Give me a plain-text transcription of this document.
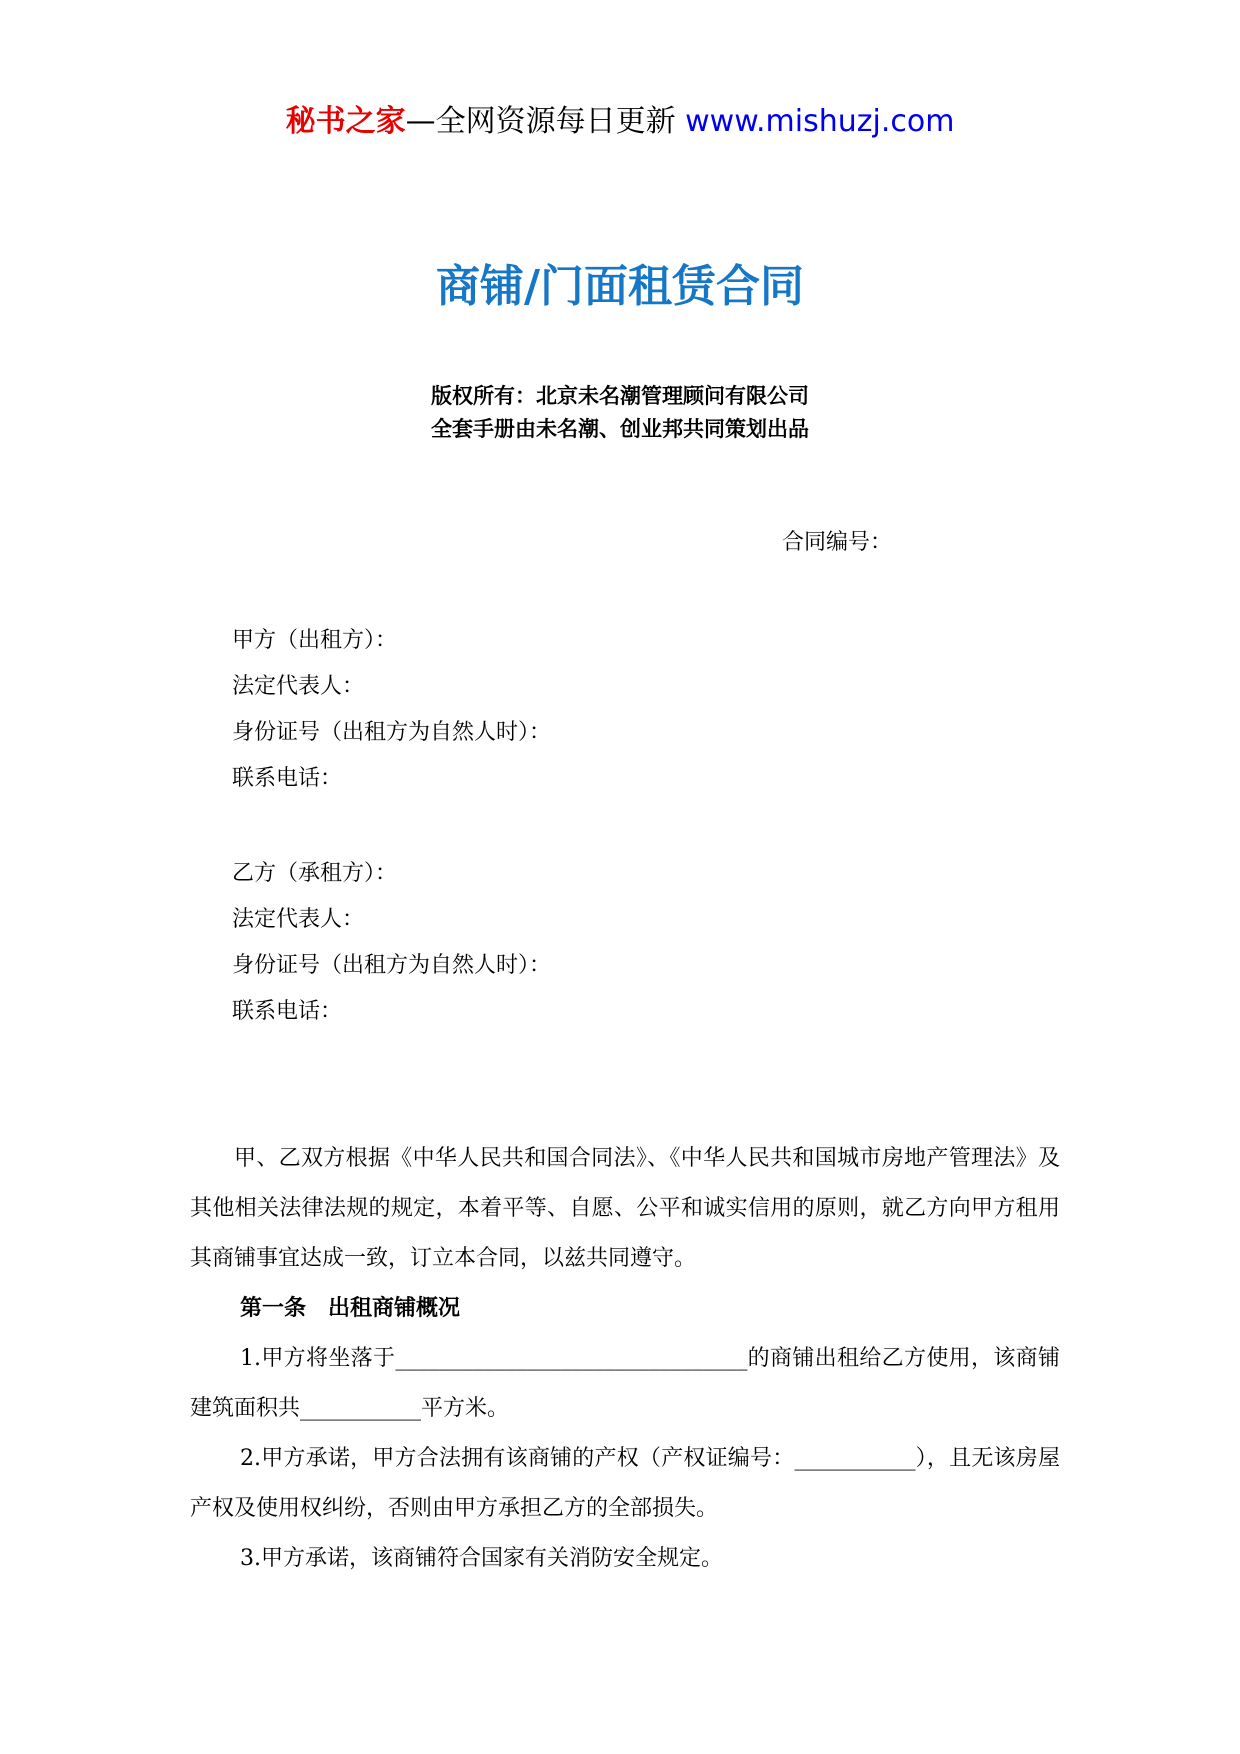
秘书之家—全网资源每日更新 www.mishuzj.com
商铺/门面租赁合同
版权所有：北京未名潮管理顾问有限公司
全套手册由未名潮、创业邦共同策划出品
合同编号：
甲方（出租方）：
法定代表人：
身份证号（出租方为自然人时）：
联系电话：
乙方（承租方）：
法定代表人：
身份证号（出租方为自然人时）：
联系电话：

甲、乙双方根据《中华人民共和国合同法》、《中华人民共和国城市房地产管理法》及其他相关法律法规的规定，本着平等、自愿、公平和诚实信用的原则，就乙方向甲方租用其商铺事宜达成一致，订立本合同，以兹共同遵守。

第一条　出租商铺概况

1.甲方将坐落于________________________________的商铺出租给乙方使用，该商铺建筑面积共___________平方米。

2.甲方承诺，甲方合法拥有该商铺的产权（产权证编号：___________），且无该房屋产权及使用权纠纷，否则由甲方承担乙方的全部损失。

3.甲方承诺，该商铺符合国家有关消防安全规定。
